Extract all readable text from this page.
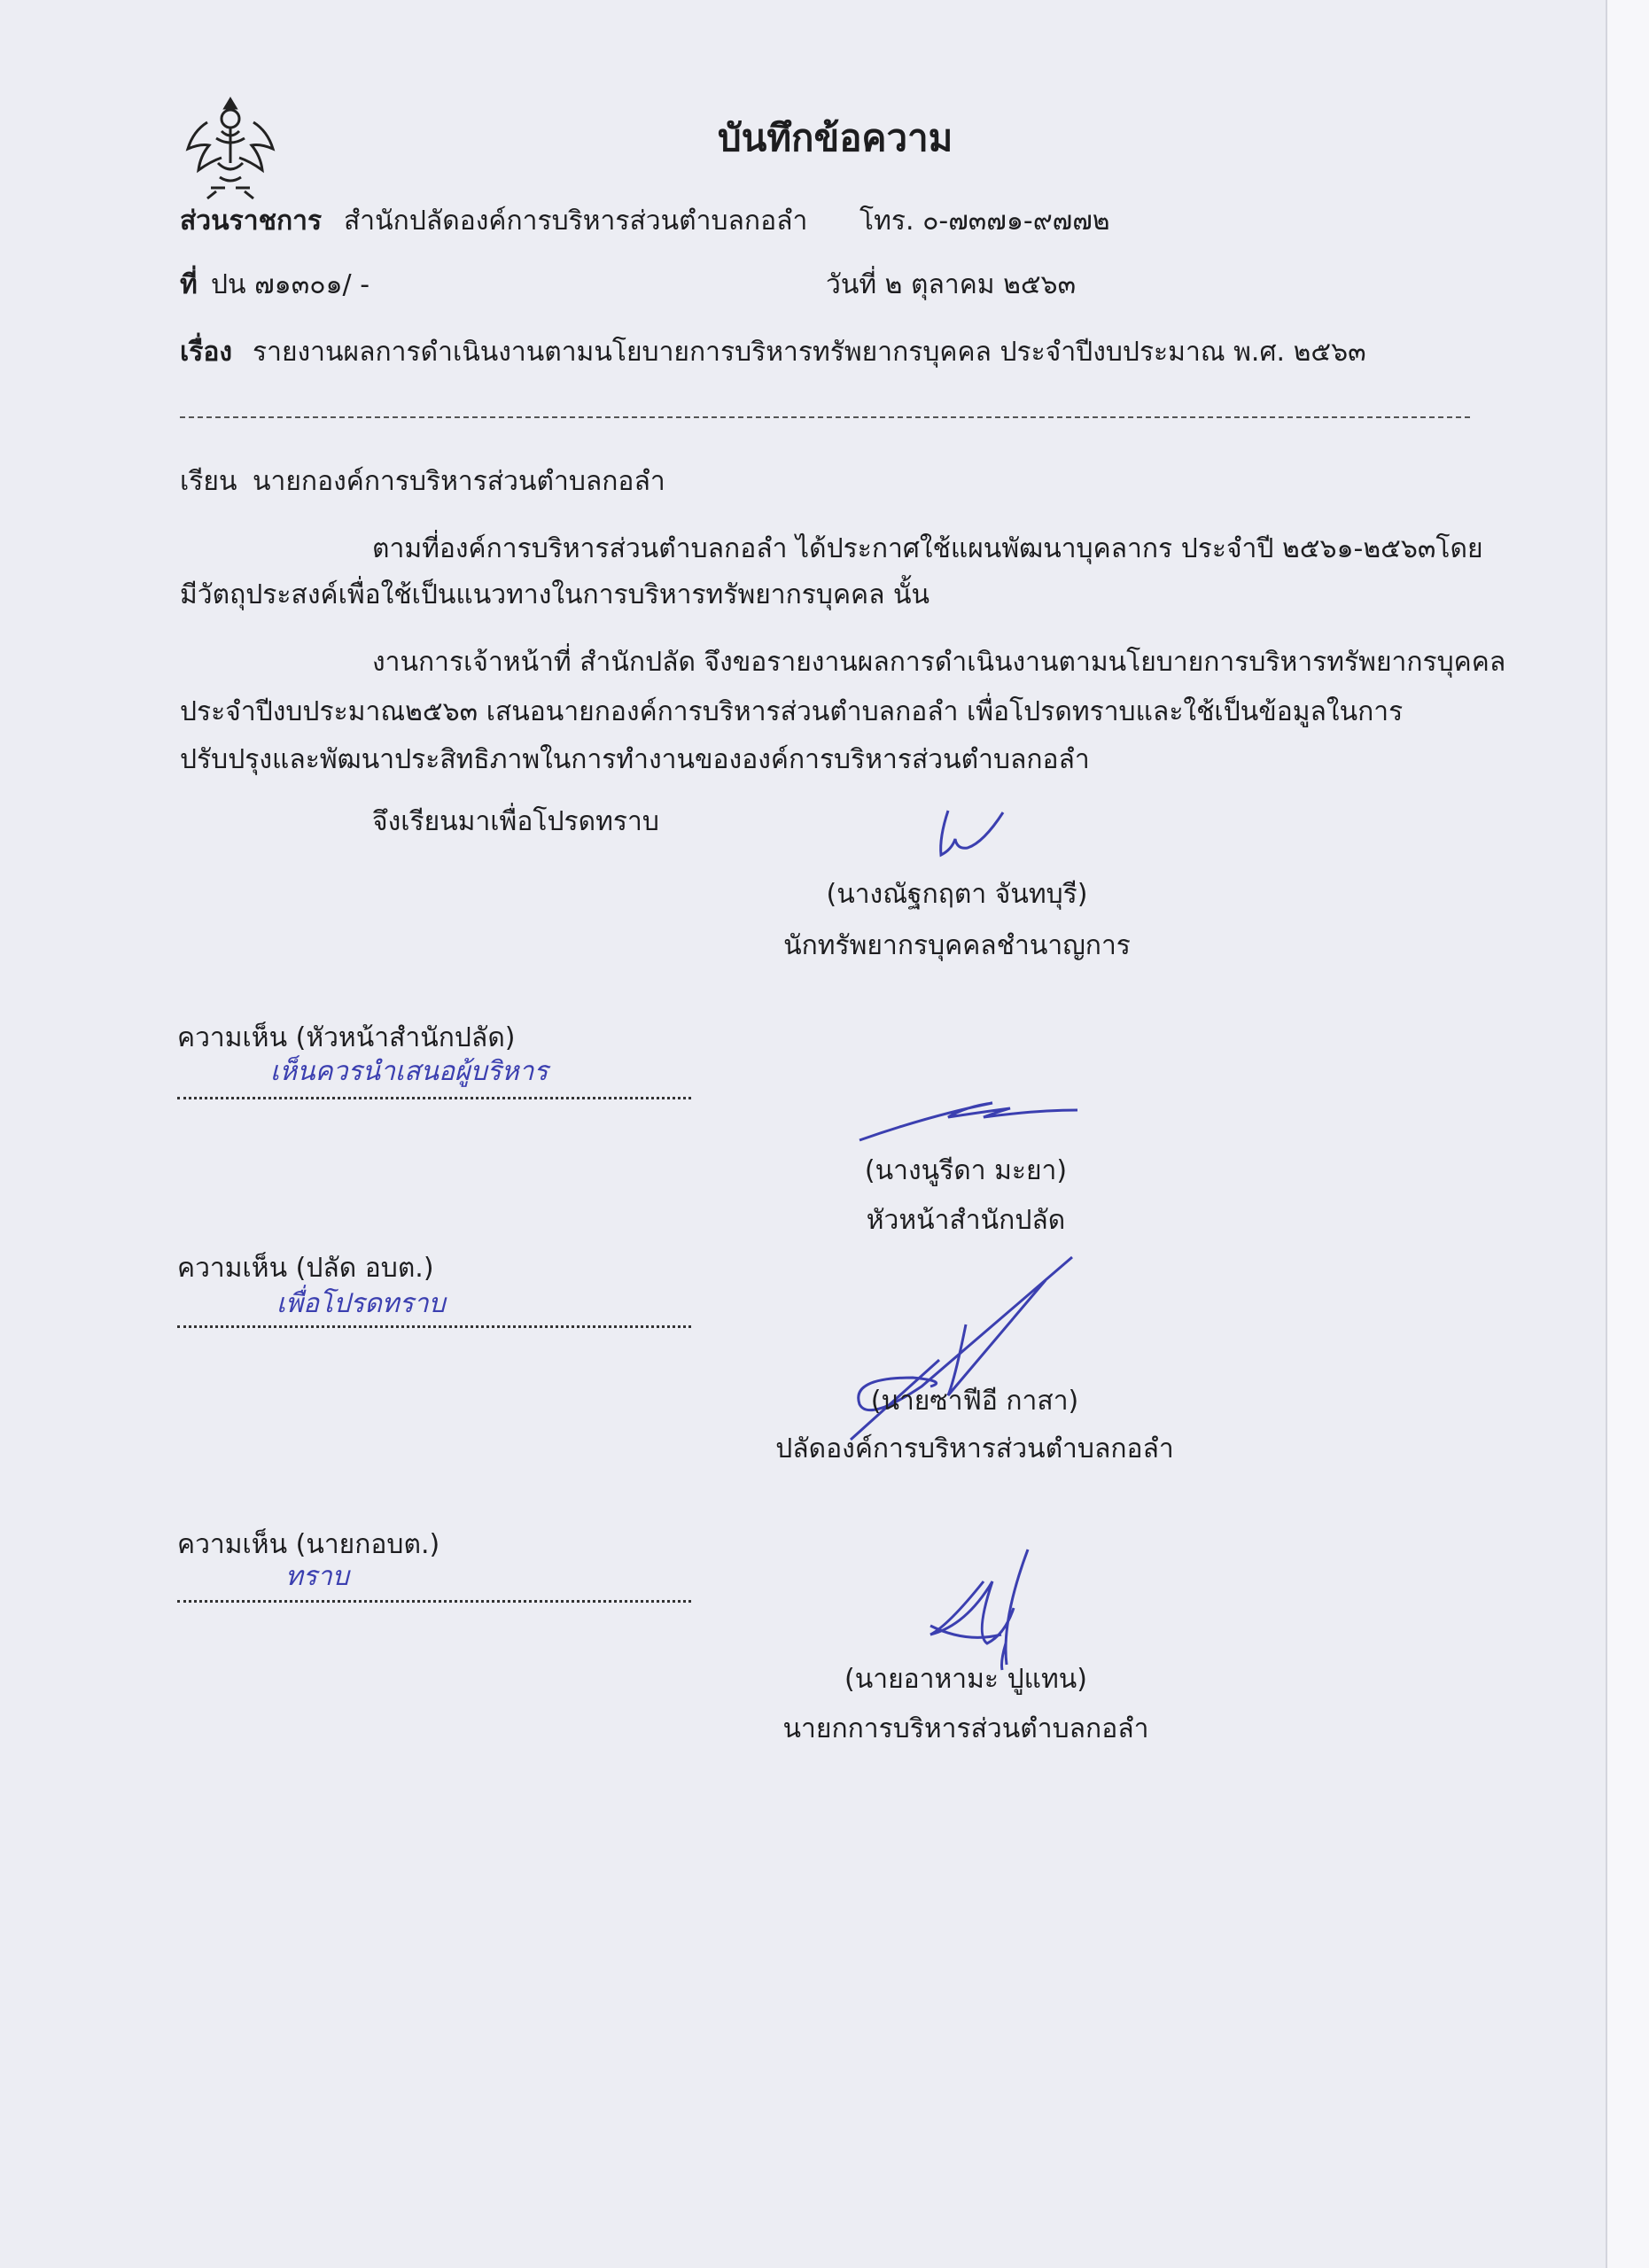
บันทึกข้อความ
ส่วนราชการ สำนักปลัดองค์การบริหารส่วนตำบลกอลำ โทร. ๐-๗๓๗๑-๙๗๗๒
ที่ ปน ๗๑๓๐๑/ -	วันที่ ๒ ตุลาคม ๒๕๖๓
เรื่อง รายงานผลการดำเนินงานตามนโยบายการบริหารทรัพยากรบุคคล ประจำปีงบประมาณ พ.ศ. ๒๕๖๓
เรียน นายกองค์การบริหารส่วนตำบลกอลำ
ตามที่องค์การบริหารส่วนตำบลกอลำ ได้ประกาศใช้แผนพัฒนาบุคลากร ประจำปี ๒๕๖๑-๒๕๖๓โดย
มีวัตถุประสงค์เพื่อใช้เป็นแนวทางในการบริหารทรัพยากรบุคคล นั้น
งานการเจ้าหน้าที่ สำนักปลัด จึงขอรายงานผลการดำเนินงานตามนโยบายการบริหารทรัพยากรบุคคล
ประจำปีงบประมาณ๒๕๖๓ เสนอนายกองค์การบริหารส่วนตำบลกอลำ เพื่อโปรดทราบและใช้เป็นข้อมูลในการ
ปรับปรุงและพัฒนาประสิทธิภาพในการทำงานขององค์การบริหารส่วนตำบลกอลำ
จึงเรียนมาเพื่อโปรดทราบ
(นางณัฐกฤตา จันทบุรี)
นักทรัพยากรบุคคลชำนาญการ
ความเห็น (หัวหน้าสำนักปลัด)
เห็นควรนำเสนอผู้บริหาร
(นางนูรีดา มะยา)
หัวหน้าสำนักปลัด
ความเห็น (ปลัด อบต.)
เพื่อโปรดทราบ
(นายซาฟีอี กาสา)
ปลัดองค์การบริหารส่วนตำบลกอลำ
ความเห็น (นายกอบต.)
ทราบ
(นายอาหามะ ปูแทน)
นายกการบริหารส่วนตำบลกอลำ
